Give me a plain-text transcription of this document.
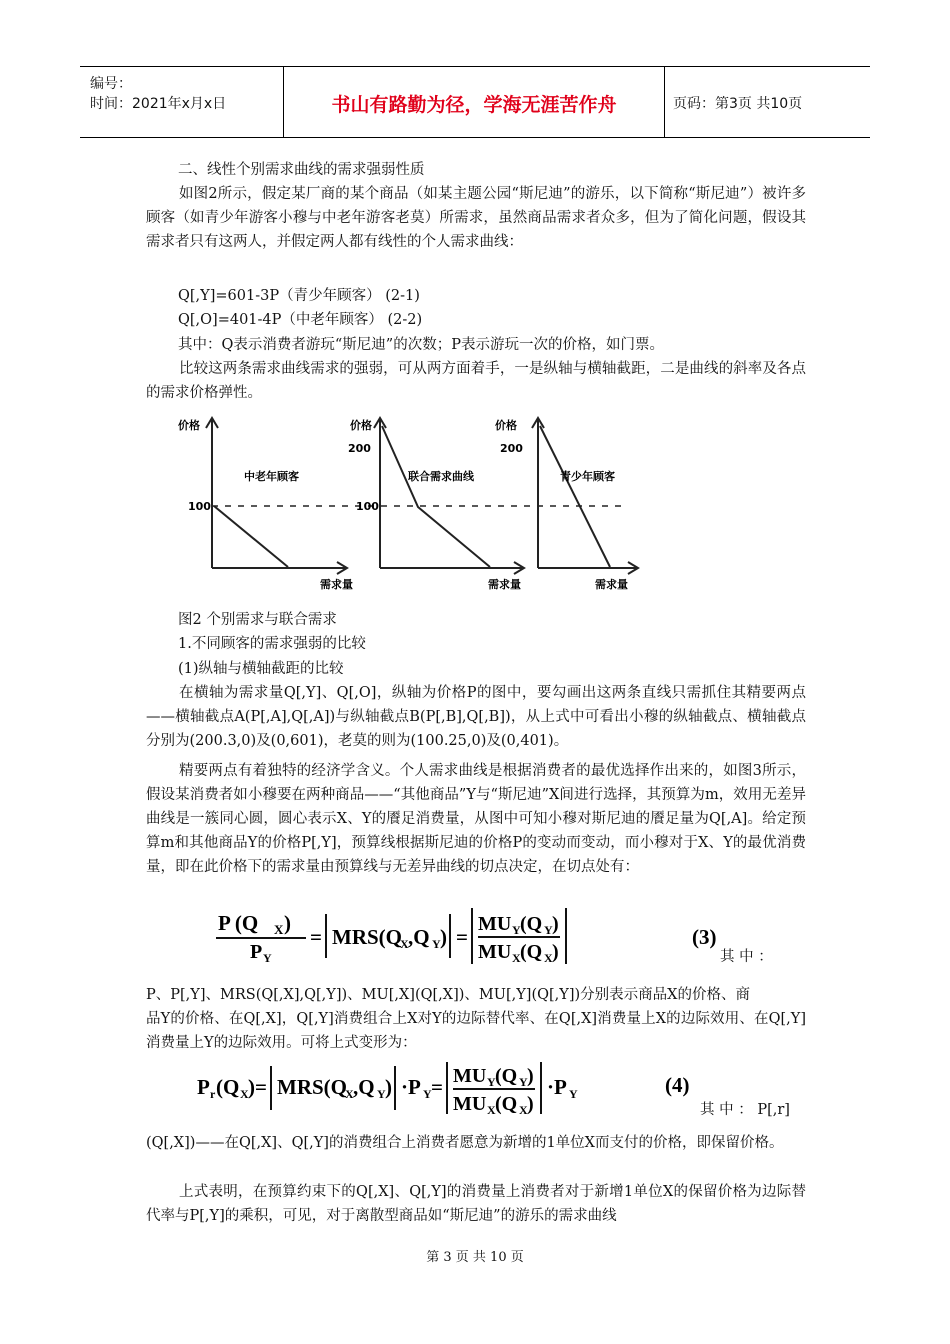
编号：
时间：2021年x月x日	书山有路勤为径，学海无涯苦作舟	页码：第3页 共10页

二、线性个别需求曲线的需求强弱性质

如图2所示，假定某厂商的某个商品（如某主题公园“斯尼迪”的游乐，以下简称“斯尼迪”）被许多顾客（如青少年游客小穆与中老年游客老莫）所需求，虽然商品需求者众多，但为了简化问题，假设其需求者只有这两人，并假定两人都有线性的个人需求曲线：

Q[,Y]=601-3P（青少年顾客） (2-1)

Q[,O]=401-4P（中老年顾客） (2-2)

其中：Q表示消费者游玩“斯尼迪”的次数；P表示游玩一次的价格，如门票。

比较这两条需求曲线需求的强弱，可从两方面着手，一是纵轴与横轴截距，二是曲线的斜率及各点的需求价格弹性。

价格	价格	价格
100
200
100
200
中老年顾客	联合需求曲线	青少年顾客
需求量	需求量	需求量

图2 个别需求与联合需求

1.不同顾客的需求强弱的比较

(1)纵轴与横轴截距的比较

在横轴为需求量Q[,Y]、Q[,O]，纵轴为价格P的图中，要勾画出这两条直线只需抓住其精要两点——横轴截点A(P[,A],Q[,A])与纵轴截点B(P[,B],Q[,B])，从上式中可看出小穆的纵轴截点、横轴截点分别为(200.3,0)及(0,601)，老莫的则为(100.25,0)及(0,401)。

精要两点有着独特的经济学含义。个人需求曲线是根据消费者的最优选择作出来的，如图3所示，假设某消费者如小穆要在两种商品——“其他商品”Y与“斯尼迪”X间进行选择，其预算为m，效用无差异曲线是一簇同心圆，圆心表示X、Y的餍足消费量，从图中可知小穆对斯尼迪的餍足量为Q[,A]。给定预算m和其他商品Y的价格P[,Y]，预算线根据斯尼迪的价格P的变动而变动，而小穆对于X、Y的最优消费量，即在此价格下的需求量由预算线与无差异曲线的切点决定，在切点处有：

P (Q X )
P Y
= MRS(Q
X ,Q Y ) =
MU Y (Q Y )
MU X (Q X )
(3)

其 中 ：

P、P[,Y]、MRS(Q[,X],Q[,Y])、MU[,X](Q[,X])、MU[,Y](Q[,Y])分别表示商品X的价格、商

品Y的价格、在Q[,X]，Q[,Y]消费组合上X对Y的边际替代率、在Q[,X]消费量上X的边际效用、在Q[,Y]消费量上Y的边际效用。可将上式变形为：

P r (Q X )= MRS(Q
X ,Q Y ) ·P Y = MU Y (Q Y )
MU X (Q X )
·P Y	(4)

其 中 ： P[,r]

(Q[,X])——在Q[,X]、Q[,Y]的消费组合上消费者愿意为新增的1单位X而支付的价格，即保留价格。

上式表明，在预算约束下的Q[,X]、Q[,Y]的消费量上消费者对于新增1单位X的保留价格为边际替代率与P[,Y]的乘积，可见，对于离散型商品如“斯尼迪”的游乐的需求曲线

第 3 页 共 10 页
